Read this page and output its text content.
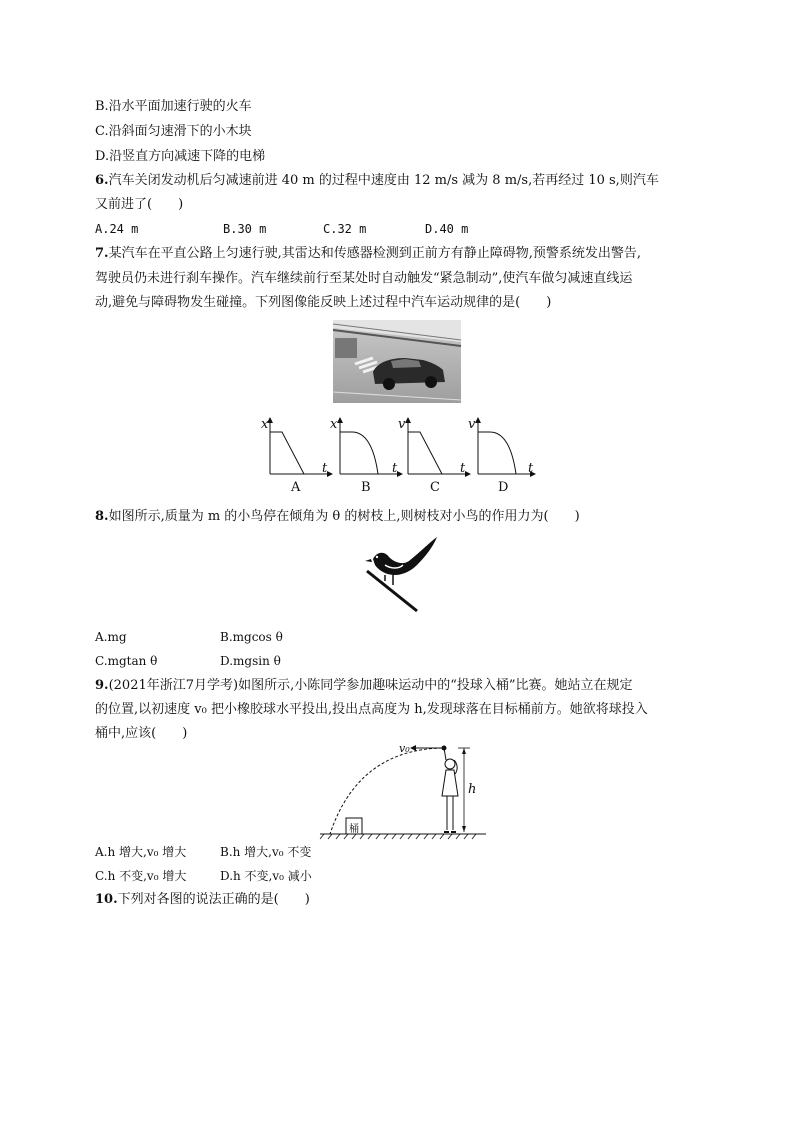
B.沿水平面加速行驶的火车
C.沿斜面匀速滑下的小木块
D.沿竖直方向减速下降的电梯
6.汽车关闭发动机后匀减速前进 40 m 的过程中速度由 12 m/s 减为 8 m/s,若再经过 10 s,则汽车
又前进了(　　)
A.24 m	B.30 m	C.32 m	D.40 m
7.某汽车在平直公路上匀速行驶,其雷达和传感器检测到正前方有静止障碍物,预警系统发出警告,
驾驶员仍未进行刹车操作。汽车继续前行至某处时自动触发“紧急制动”,使汽车做匀减速直线运
动,避免与障碍物发生碰撞。下列图像能反映上述过程中汽车运动规律的是(　　)
x
t
x
t
v
t
v
t
A	B	C	D
8.如图所示,质量为 m 的小鸟停在倾角为 θ 的树枝上,则树枝对小鸟的作用力为(　　)
A.mg	B.mgcos θ
C.mgtan θ	D.mgsin θ
9.(2021年浙江7月学考)如图所示,小陈同学参加趣味运动中的“投球入桶”比赛。她站立在规定
的位置,以初速度 v₀ 把小橡胶球水平投出,投出点高度为 h,发现球落在目标桶前方。她欲将球投入
桶中,应该(　　)
v₀
h
桶
A.h 增大,v₀ 增大	B.h 增大,v₀ 不变
C.h 不变,v₀ 增大	D.h 不变,v₀ 减小
10.下列对各图的说法正确的是(　　)
